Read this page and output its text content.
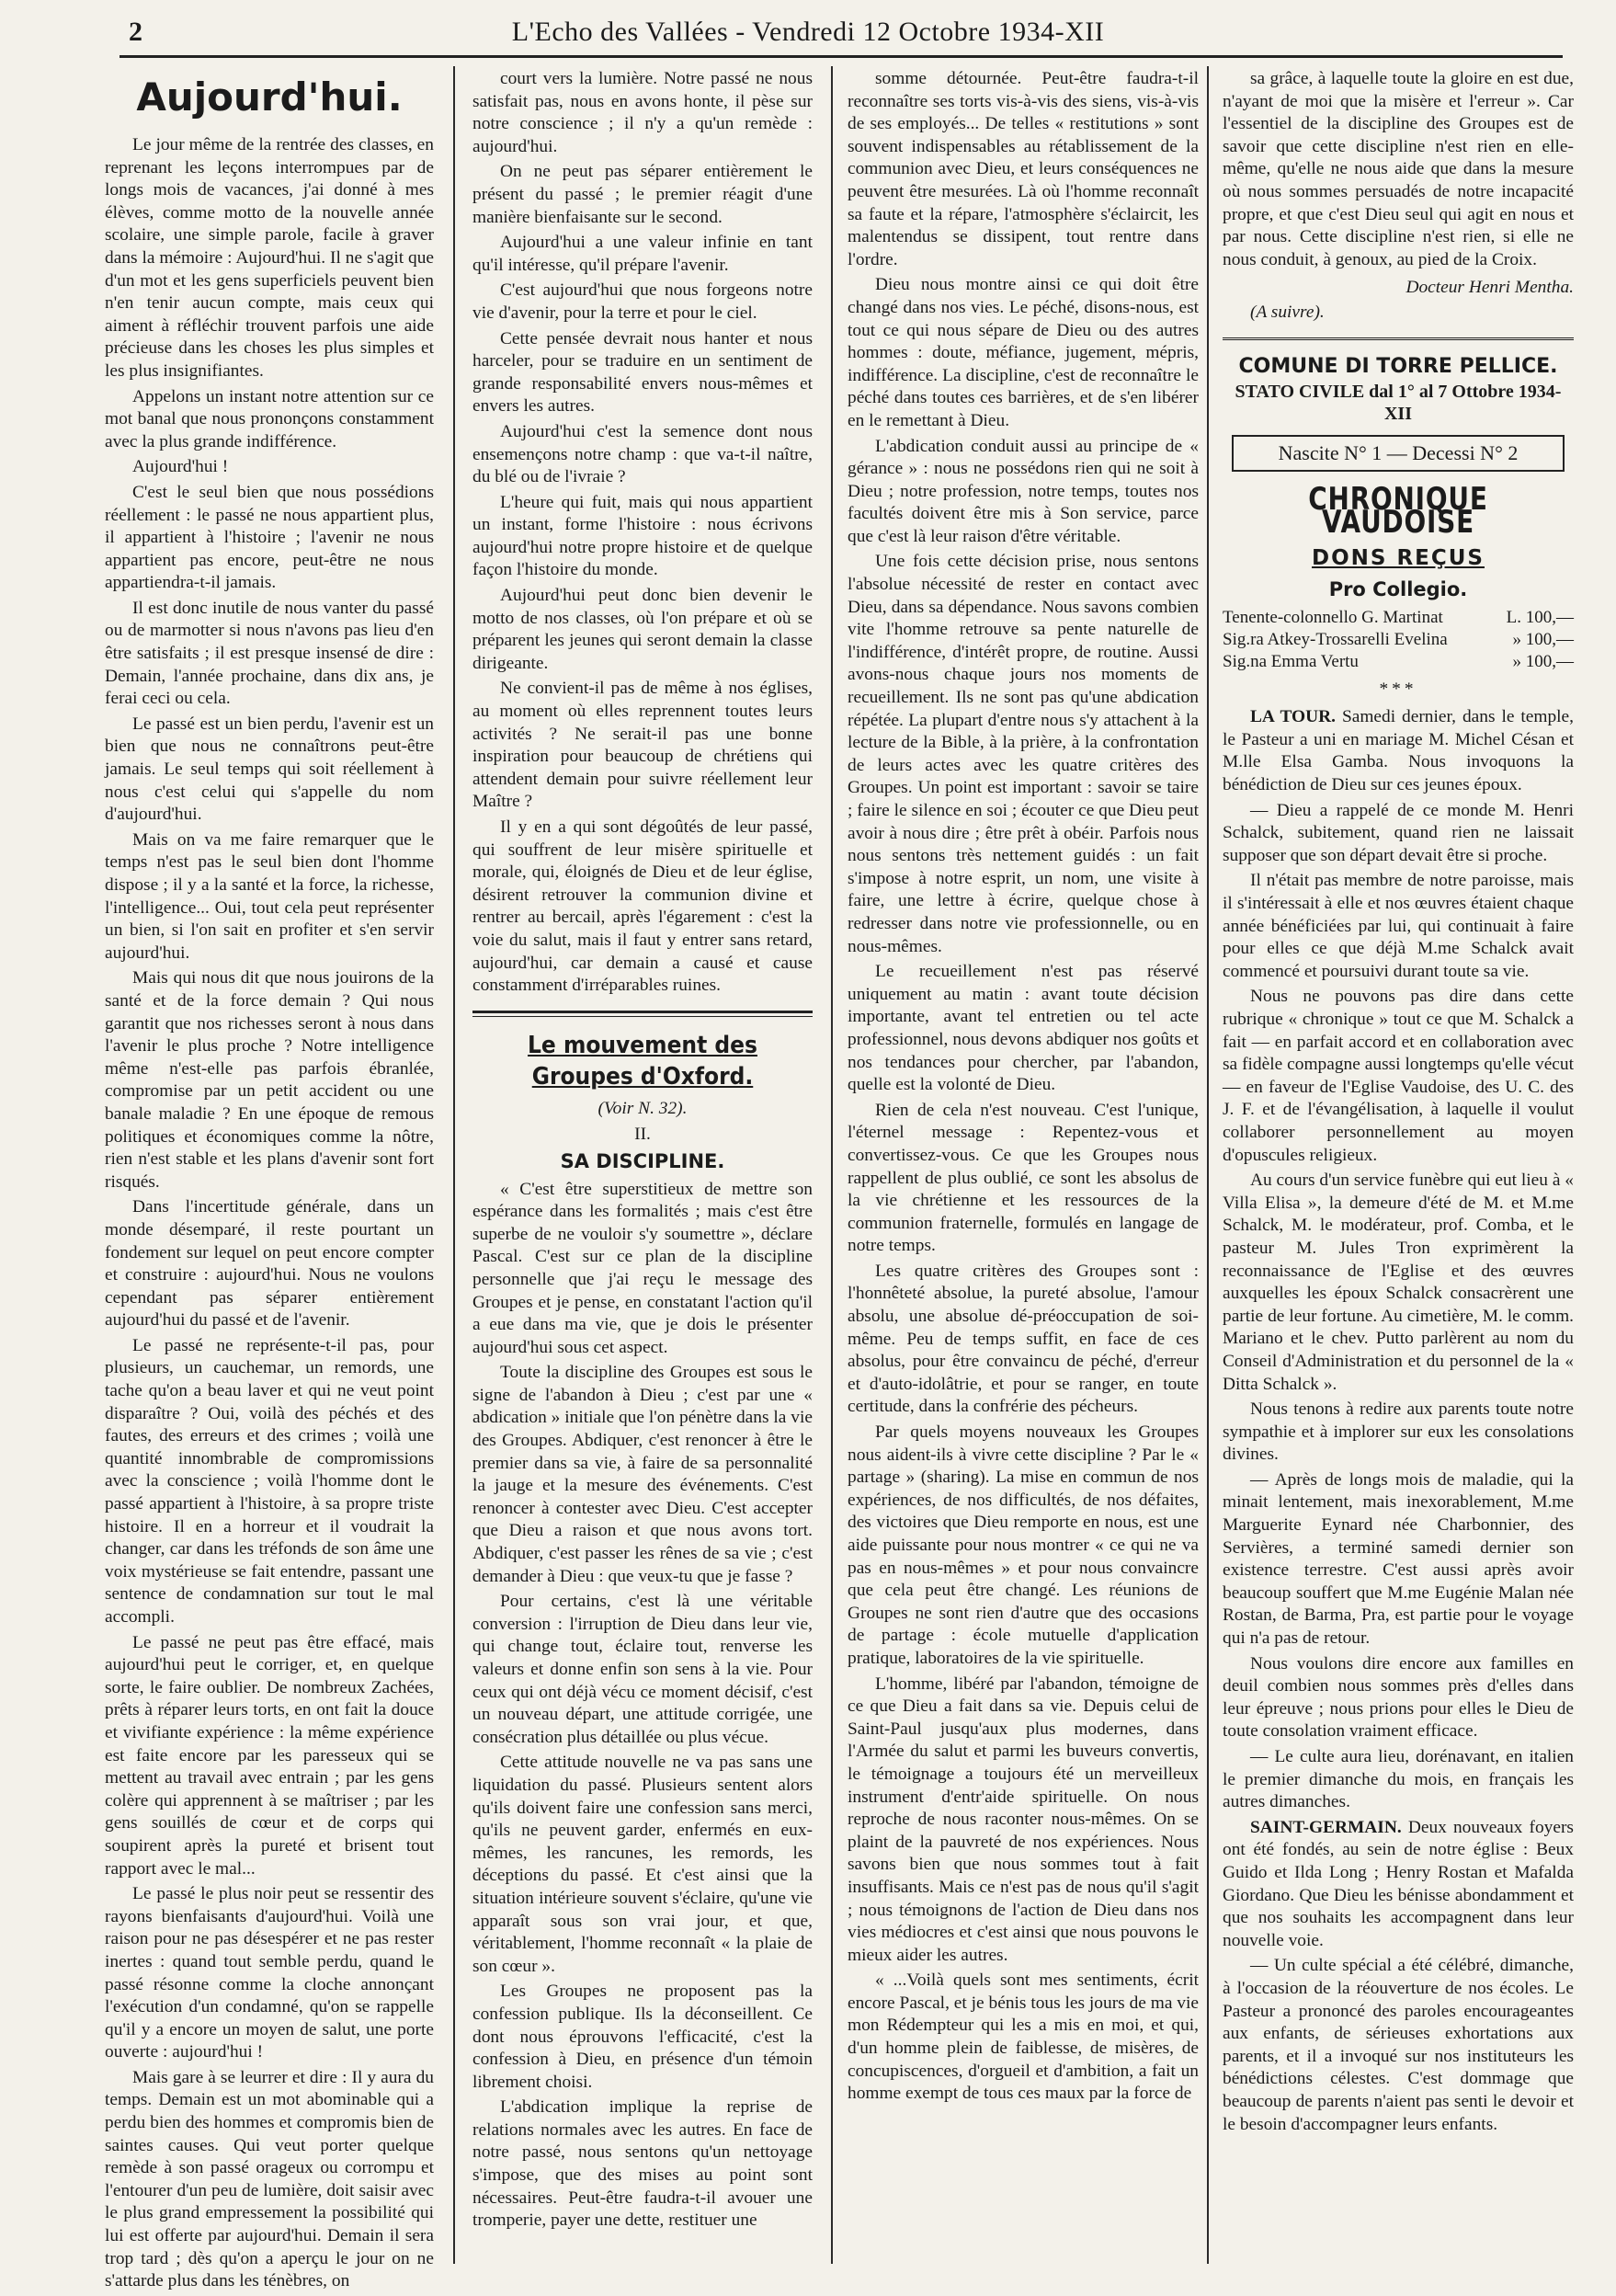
2	L'Echo des Vallées - Vendredi 12 Octobre 1934-XII
Aujourd'hui.

Le jour même de la rentrée des classes, en reprenant les leçons interrompues par de longs mois de vacances, j'ai donné à mes élèves, comme motto de la nouvelle année scolaire, une simple parole, facile à graver dans la mémoire : Aujourd'hui. Il ne s'agit que d'un mot et les gens superficiels peuvent bien n'en tenir aucun compte, mais ceux qui aiment à réfléchir trouvent parfois une aide précieuse dans les choses les plus simples et les plus insignifiantes.

Appelons un instant notre attention sur ce mot banal que nous prononçons constamment avec la plus grande indifférence.

Aujourd'hui !

C'est le seul bien que nous possédions réellement : le passé ne nous appartient plus, il appartient à l'histoire ; l'avenir ne nous appartient pas encore, peut-être ne nous appartiendra-t-il jamais.

Il est donc inutile de nous vanter du passé ou de marmotter si nous n'avons pas lieu d'en être satisfaits ; il est presque insensé de dire : Demain, l'année prochaine, dans dix ans, je ferai ceci ou cela.

Le passé est un bien perdu, l'avenir est un bien que nous ne connaîtrons peut-être jamais. Le seul temps qui soit réellement à nous c'est celui qui s'appelle du nom d'aujourd'hui.

Mais on va me faire remarquer que le temps n'est pas le seul bien dont l'homme dispose ; il y a la santé et la force, la richesse, l'intelligence... Oui, tout cela peut représenter un bien, si l'on sait en profiter et s'en servir aujourd'hui.

Mais qui nous dit que nous jouirons de la santé et de la force demain ? Qui nous garantit que nos richesses seront à nous dans l'avenir le plus proche ? Notre intelligence même n'est-elle pas parfois ébranlée, compromise par un petit accident ou une banale maladie ? En une époque de remous politiques et économiques comme la nôtre, rien n'est stable et les plans d'avenir sont fort risqués.

Dans l'incertitude générale, dans un monde désemparé, il reste pourtant un fondement sur lequel on peut encore compter et construire : aujourd'hui. Nous ne voulons cependant pas séparer entièrement aujourd'hui du passé et de l'avenir.

Le passé ne représente-t-il pas, pour plusieurs, un cauchemar, un remords, une tache qu'on a beau laver et qui ne veut point disparaître ? Oui, voilà des péchés et des fautes, des erreurs et des crimes ; voilà une quantité innombrable de compromissions avec la conscience ; voilà l'homme dont le passé appartient à l'histoire, à sa propre triste histoire. Il en a horreur et il voudrait la changer, car dans les tréfonds de son âme une voix mystérieuse se fait entendre, passant une sentence de condamnation sur tout le mal accompli.

Le passé ne peut pas être effacé, mais aujourd'hui peut le corriger, et, en quelque sorte, le faire oublier. De nombreux Zachées, prêts à réparer leurs torts, en ont fait la douce et vivifiante expérience : la même expérience est faite encore par les paresseux qui se mettent au travail avec entrain ; par les gens colère qui apprennent à se maîtriser ; par les gens souillés de cœur et de corps qui soupirent après la pureté et brisent tout rapport avec le mal...

Le passé le plus noir peut se ressentir des rayons bienfaisants d'aujourd'hui. Voilà une raison pour ne pas désespérer et ne pas rester inertes : quand tout semble perdu, quand le passé résonne comme la cloche annonçant l'exécution d'un condamné, qu'on se rappelle qu'il y a encore un moyen de salut, une porte ouverte : aujourd'hui !

Mais gare à se leurrer et dire : Il y aura du temps. Demain est un mot abominable qui a perdu bien des hommes et compromis bien de saintes causes. Qui veut porter quelque remède à son passé orageux ou corrompu et l'entourer d'un peu de lumière, doit saisir avec le plus grand empressement la possibilité qui lui est offerte par aujourd'hui. Demain il sera trop tard ; dès qu'on a aperçu le jour on ne s'attarde plus dans les ténèbres, on

court vers la lumière. Notre passé ne nous satisfait pas, nous en avons honte, il pèse sur notre conscience ; il n'y a qu'un remède : aujourd'hui.

On ne peut pas séparer entièrement le présent du passé ; le premier réagit d'une manière bienfaisante sur le second.

Aujourd'hui a une valeur infinie en tant qu'il intéresse, qu'il prépare l'avenir.

C'est aujourd'hui que nous forgeons notre vie d'avenir, pour la terre et pour le ciel.

Cette pensée devrait nous hanter et nous harceler, pour se traduire en un sentiment de grande responsabilité envers nous-mêmes et envers les autres.

Aujourd'hui c'est la semence dont nous ensemençons notre champ : que va-t-il naître, du blé ou de l'ivraie ?

L'heure qui fuit, mais qui nous appartient un instant, forme l'histoire : nous écrivons aujourd'hui notre propre histoire et de quelque façon l'histoire du monde.

Aujourd'hui peut donc bien devenir le motto de nos classes, où l'on prépare et où se préparent les jeunes qui seront demain la classe dirigeante.

Ne convient-il pas de même à nos églises, au moment où elles reprennent toutes leurs activités ? Ne serait-il pas une bonne inspiration pour beaucoup de chrétiens qui attendent demain pour suivre réellement leur Maître ?

Il y en a qui sont dégoûtés de leur passé, qui souffrent de leur misère spirituelle et morale, qui, éloignés de Dieu et de leur église, désirent retrouver la communion divine et rentrer au bercail, après l'égarement : c'est la voie du salut, mais il faut y entrer sans retard, aujourd'hui, car demain a causé et cause constamment d'irréparables ruines.

Le mouvement des Groupes d'Oxford.
(Voir N. 32).
II.
SA DISCIPLINE.

« C'est être superstitieux de mettre son espérance dans les formalités ; mais c'est être superbe de ne vouloir s'y soumettre », déclare Pascal. C'est sur ce plan de la discipline personnelle que j'ai reçu le message des Groupes et je pense, en constatant l'action qu'il a eue dans ma vie, que je dois le présenter aujourd'hui sous cet aspect.

Toute la discipline des Groupes est sous le signe de l'abandon à Dieu ; c'est par une « abdication » initiale que l'on pénètre dans la vie des Groupes. Abdiquer, c'est renoncer à être le premier dans sa vie, à faire de sa personnalité la jauge et la mesure des événements. C'est renoncer à contester avec Dieu. C'est accepter que Dieu a raison et que nous avons tort. Abdiquer, c'est passer les rênes de sa vie ; c'est demander à Dieu : que veux-tu que je fasse ?

Pour certains, c'est là une véritable conversion : l'irruption de Dieu dans leur vie, qui change tout, éclaire tout, renverse les valeurs et donne enfin son sens à la vie. Pour ceux qui ont déjà vécu ce moment décisif, c'est un nouveau départ, une attitude corrigée, une consécration plus détaillée ou plus vécue.

Cette attitude nouvelle ne va pas sans une liquidation du passé. Plusieurs sentent alors qu'ils doivent faire une confession sans merci, qu'ils ne peuvent garder, enfermés en eux-mêmes, les rancunes, les remords, les déceptions du passé. Et c'est ainsi que la situation intérieure souvent s'éclaire, qu'une vie apparaît sous son vrai jour, et que, véritablement, l'homme reconnaît « la plaie de son cœur ».

Les Groupes ne proposent pas la confession publique. Ils la déconseillent. Ce dont nous éprouvons l'efficacité, c'est la confession à Dieu, en présence d'un témoin librement choisi.

L'abdication implique la reprise de relations normales avec les autres. En face de notre passé, nous sentons qu'un nettoyage s'impose, que des mises au point sont nécessaires. Peut-être faudra-t-il avouer une tromperie, payer une dette, restituer une

somme détournée. Peut-être faudra-t-il reconnaître ses torts vis-à-vis des siens, vis-à-vis de ses employés... De telles « restitutions » sont souvent indispensables au rétablissement de la communion avec Dieu, et leurs conséquences ne peuvent être mesurées. Là où l'homme reconnaît sa faute et la répare, l'atmosphère s'éclaircit, les malentendus se dissipent, tout rentre dans l'ordre.

Dieu nous montre ainsi ce qui doit être changé dans nos vies. Le péché, disons-nous, est tout ce qui nous sépare de Dieu ou des autres hommes : doute, méfiance, jugement, mépris, indifférence. La discipline, c'est de reconnaître le péché dans toutes ces barrières, et de s'en libérer en le remettant à Dieu.

L'abdication conduit aussi au principe de « gérance » : nous ne possédons rien qui ne soit à Dieu ; notre profession, notre temps, toutes nos facultés doivent être mis à Son service, parce que c'est là leur raison d'être véritable.

Une fois cette décision prise, nous sentons l'absolue nécessité de rester en contact avec Dieu, dans sa dépendance. Nous savons combien vite l'homme retrouve sa pente naturelle de l'indifférence, d'intérêt propre, de routine. Aussi avons-nous chaque jours nos moments de recueillement. Ils ne sont pas qu'une abdication répétée. La plupart d'entre nous s'y attachent à la lecture de la Bible, à la prière, à la confrontation de leurs actes avec les quatre critères des Groupes. Un point est important : savoir se taire ; faire le silence en soi ; écouter ce que Dieu peut avoir à nous dire ; être prêt à obéir. Parfois nous nous sentons très nettement guidés : un fait s'impose à notre esprit, un nom, une visite à faire, une lettre à écrire, quelque chose à redresser dans notre vie professionnelle, ou en nous-mêmes.

Le recueillement n'est pas réservé uniquement au matin : avant toute décision importante, avant tel entretien ou tel acte professionnel, nous devons abdiquer nos goûts et nos tendances pour chercher, par l'abandon, quelle est la volonté de Dieu.

Rien de cela n'est nouveau. C'est l'unique, l'éternel message : Repentez-vous et convertissez-vous. Ce que les Groupes nous rappellent de plus oublié, ce sont les absolus de la vie chrétienne et les ressources de la communion fraternelle, formulés en langage de notre temps.

Les quatre critères des Groupes sont : l'honnêteté absolue, la pureté absolue, l'amour absolu, une absolue dé-préoccupation de soi-même. Peu de temps suffit, en face de ces absolus, pour être convaincu de péché, d'erreur et d'auto-idolâtrie, et pour se ranger, en toute certitude, dans la confrérie des pécheurs.

Par quels moyens nouveaux les Groupes nous aident-ils à vivre cette discipline ? Par le « partage » (sharing). La mise en commun de nos expériences, de nos difficultés, de nos défaites, des victoires que Dieu remporte en nous, est une aide puissante pour nous montrer « ce qui ne va pas en nous-mêmes » et pour nous convaincre que cela peut être changé. Les réunions de Groupes ne sont rien d'autre que des occasions de partage : école mutuelle d'application pratique, laboratoires de la vie spirituelle.

L'homme, libéré par l'abandon, témoigne de ce que Dieu a fait dans sa vie. Depuis celui de Saint-Paul jusqu'aux plus modernes, dans l'Armée du salut et parmi les buveurs convertis, le témoignage a toujours été un merveilleux instrument d'entr'aide spirituelle. On nous reproche de nous raconter nous-mêmes. On se plaint de la pauvreté de nos expériences. Nous savons bien que nous sommes tout à fait insuffisants. Mais ce n'est pas de nous qu'il s'agit ; nous témoignons de l'action de Dieu dans nos vies médiocres et c'est ainsi que nous pouvons le mieux aider les autres.

« ...Voilà quels sont mes sentiments, écrit encore Pascal, et je bénis tous les jours de ma vie mon Rédempteur qui les a mis en moi, et qui, d'un homme plein de faiblesse, de misères, de concupiscences, d'orgueil et d'ambition, a fait un homme exempt de tous ces maux par la force de

sa grâce, à laquelle toute la gloire en est due, n'ayant de moi que la misère et l'erreur ». Car l'essentiel de la discipline des Groupes est de savoir que cette discipline n'est rien en elle-même, qu'elle ne nous aide que dans la mesure où nous sommes persuadés de notre incapacité propre, et que c'est Dieu seul qui agit en nous et par nous. Cette discipline n'est rien, si elle ne nous conduit, à genoux, au pied de la Croix.

Docteur Henri Mentha.
(A suivre).
COMUNE DI TORRE PELLICE.
STATO CIVILE dal 1° al 7 Ottobre 1934-XII
Nascite N° 1 — Decessi N° 2
CHRONIQUE VAUDOISE
DONS REÇUS
Pro Collegio.
Tenente-colonnello G. Martinat	L. 100,—
Sig.ra Atkey-Trossarelli Evelina	» 100,—
Sig.na Emma Vertu	» 100,—
***

LA TOUR. Samedi dernier, dans le temple, le Pasteur a uni en mariage M. Michel Césan et M.lle Elsa Gamba. Nous invoquons la bénédiction de Dieu sur ces jeunes époux.

— Dieu a rappelé de ce monde M. Henri Schalck, subitement, quand rien ne laissait supposer que son départ devait être si proche.

Il n'était pas membre de notre paroisse, mais il s'intéressait à elle et nos œuvres étaient chaque année bénéficiées par lui, qui continuait à faire pour elles ce que déjà M.me Schalck avait commencé et poursuivi durant toute sa vie.

Nous ne pouvons pas dire dans cette rubrique « chronique » tout ce que M. Schalck a fait — en parfait accord et en collaboration avec sa fidèle compagne aussi longtemps qu'elle vécut — en faveur de l'Eglise Vaudoise, des U. C. des J. F. et de l'évangélisation, à laquelle il voulut collaborer personnellement au moyen d'opuscules religieux.

Au cours d'un service funèbre qui eut lieu à « Villa Elisa », la demeure d'été de M. et M.me Schalck, M. le modérateur, prof. Comba, et le pasteur M. Jules Tron exprimèrent la reconnaissance de l'Eglise et des œuvres auxquelles les époux Schalck consacrèrent une partie de leur fortune. Au cimetière, M. le comm. Mariano et le chev. Putto parlèrent au nom du Conseil d'Administration et du personnel de la « Ditta Schalck ».

Nous tenons à redire aux parents toute notre sympathie et à implorer sur eux les consolations divines.

— Après de longs mois de maladie, qui la minait lentement, mais inexorablement, M.me Marguerite Eynard née Charbonnier, des Servières, a terminé samedi dernier son existence terrestre. C'est aussi après avoir beaucoup souffert que M.me Eugénie Malan née Rostan, de Barma, Pra, est partie pour le voyage qui n'a pas de retour.

Nous voulons dire encore aux familles en deuil combien nous sommes près d'elles dans leur épreuve ; nous prions pour elles le Dieu de toute consolation vraiment efficace.

— Le culte aura lieu, dorénavant, en italien le premier dimanche du mois, en français les autres dimanches.

SAINT-GERMAIN. Deux nouveaux foyers ont été fondés, au sein de notre église : Beux Guido et Ilda Long ; Henry Rostan et Mafalda Giordano. Que Dieu les bénisse abondamment et que nos souhaits les accompagnent dans leur nouvelle voie.

— Un culte spécial a été célébré, dimanche, à l'occasion de la réouverture de nos écoles. Le Pasteur a prononcé des paroles encourageantes aux enfants, de sérieuses exhortations aux parents, et il a invoqué sur nos instituteurs les bénédictions célestes. C'est dommage que beaucoup de parents n'aient pas senti le devoir et le besoin d'accompagner leurs enfants.
